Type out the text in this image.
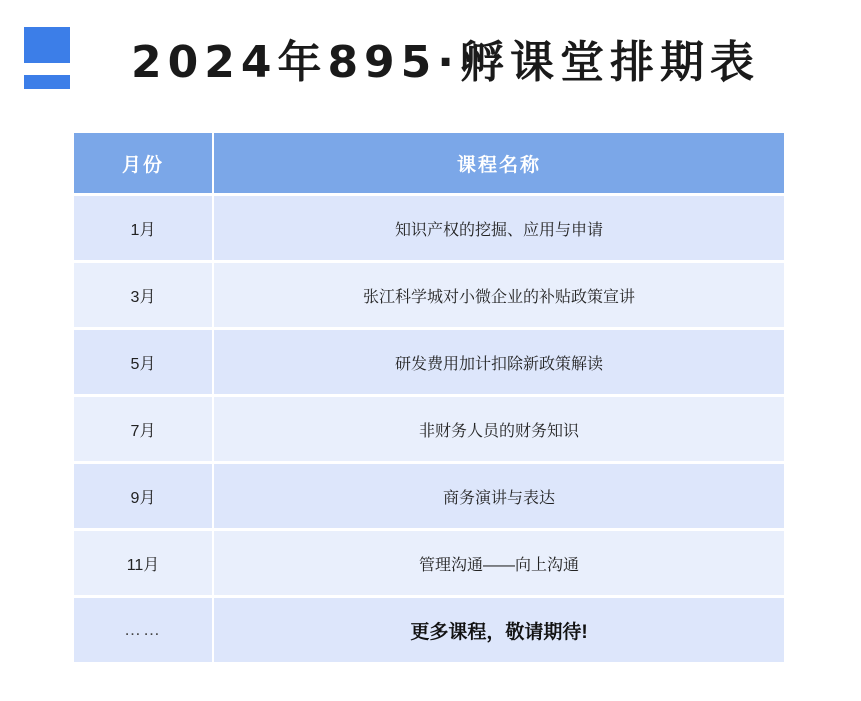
2024年895·孵课堂排期表
月份	课程名称
1月	知识产权的挖掘、应用与申请
3月	张江科学城对小微企业的补贴政策宣讲
5月	研发费用加计扣除新政策解读
7月	非财务人员的财务知识
9月	商务演讲与表达
11月	管理沟通——向上沟通
……	更多课程，敬请期待!
